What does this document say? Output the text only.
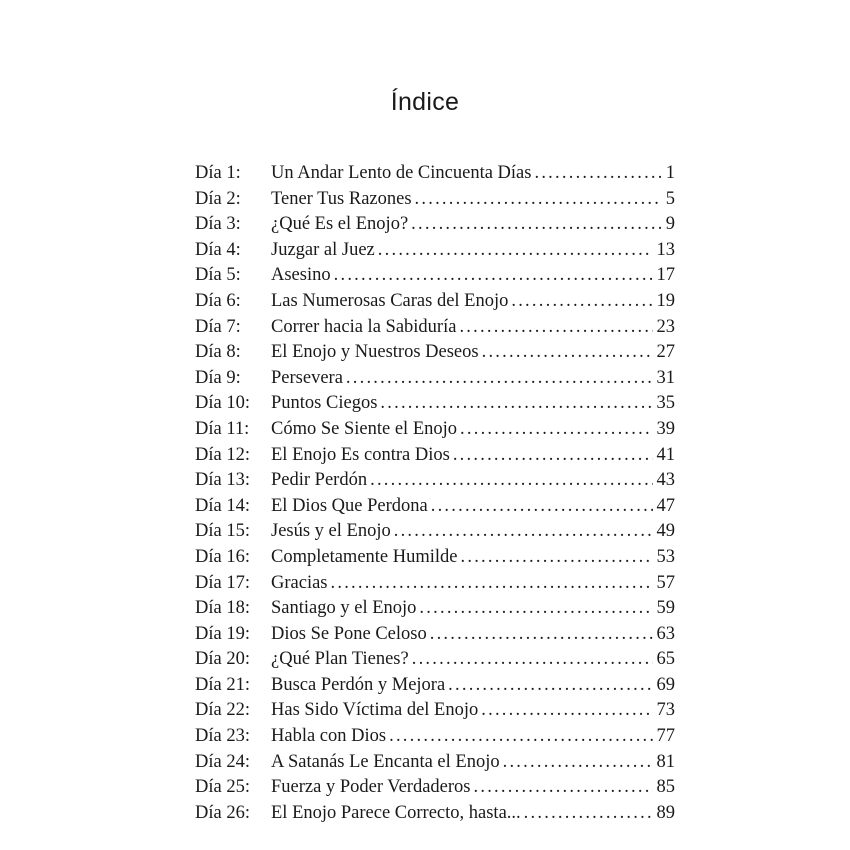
Índice
Día 1:	Un Andar Lento de Cincuenta Días . . .	1
Día 2:	Tener Tus Razones . . .	5
Día 3:	¿Qué Es el Enojo? . . .	9
Día 4:	Juzgar al Juez . . .	13
Día 5:	Asesino . . .	17
Día 6:	Las Numerosas Caras del Enojo . . .	19
Día 7:	Correr hacia la Sabiduría . . .	23
Día 8:	El Enojo y Nuestros Deseos . . .	27
Día 9:	Persevera . . .	31
Día 10:	Puntos Ciegos . . .	35
Día 11:	Cómo Se Siente el Enojo . . .	39
Día 12:	El Enojo Es contra Dios . . .	41
Día 13:	Pedir Perdón . . .	43
Día 14:	El Dios Que Perdona . . .	47
Día 15:	Jesús y el Enojo . . .	49
Día 16:	Completamente Humilde . . .	53
Día 17:	Gracias . . .	57
Día 18:	Santiago y el Enojo . . .	59
Día 19:	Dios Se Pone Celoso . . .	63
Día 20:	¿Qué Plan Tienes? . . .	65
Día 21:	Busca Perdón y Mejora . . .	69
Día 22:	Has Sido Víctima del Enojo . . .	73
Día 23:	Habla con Dios . . .	77
Día 24:	A Satanás Le Encanta el Enojo . . .	81
Día 25:	Fuerza y Poder Verdaderos . . .	85
Día 26:	El Enojo Parece Correcto, hasta... . . .	89
